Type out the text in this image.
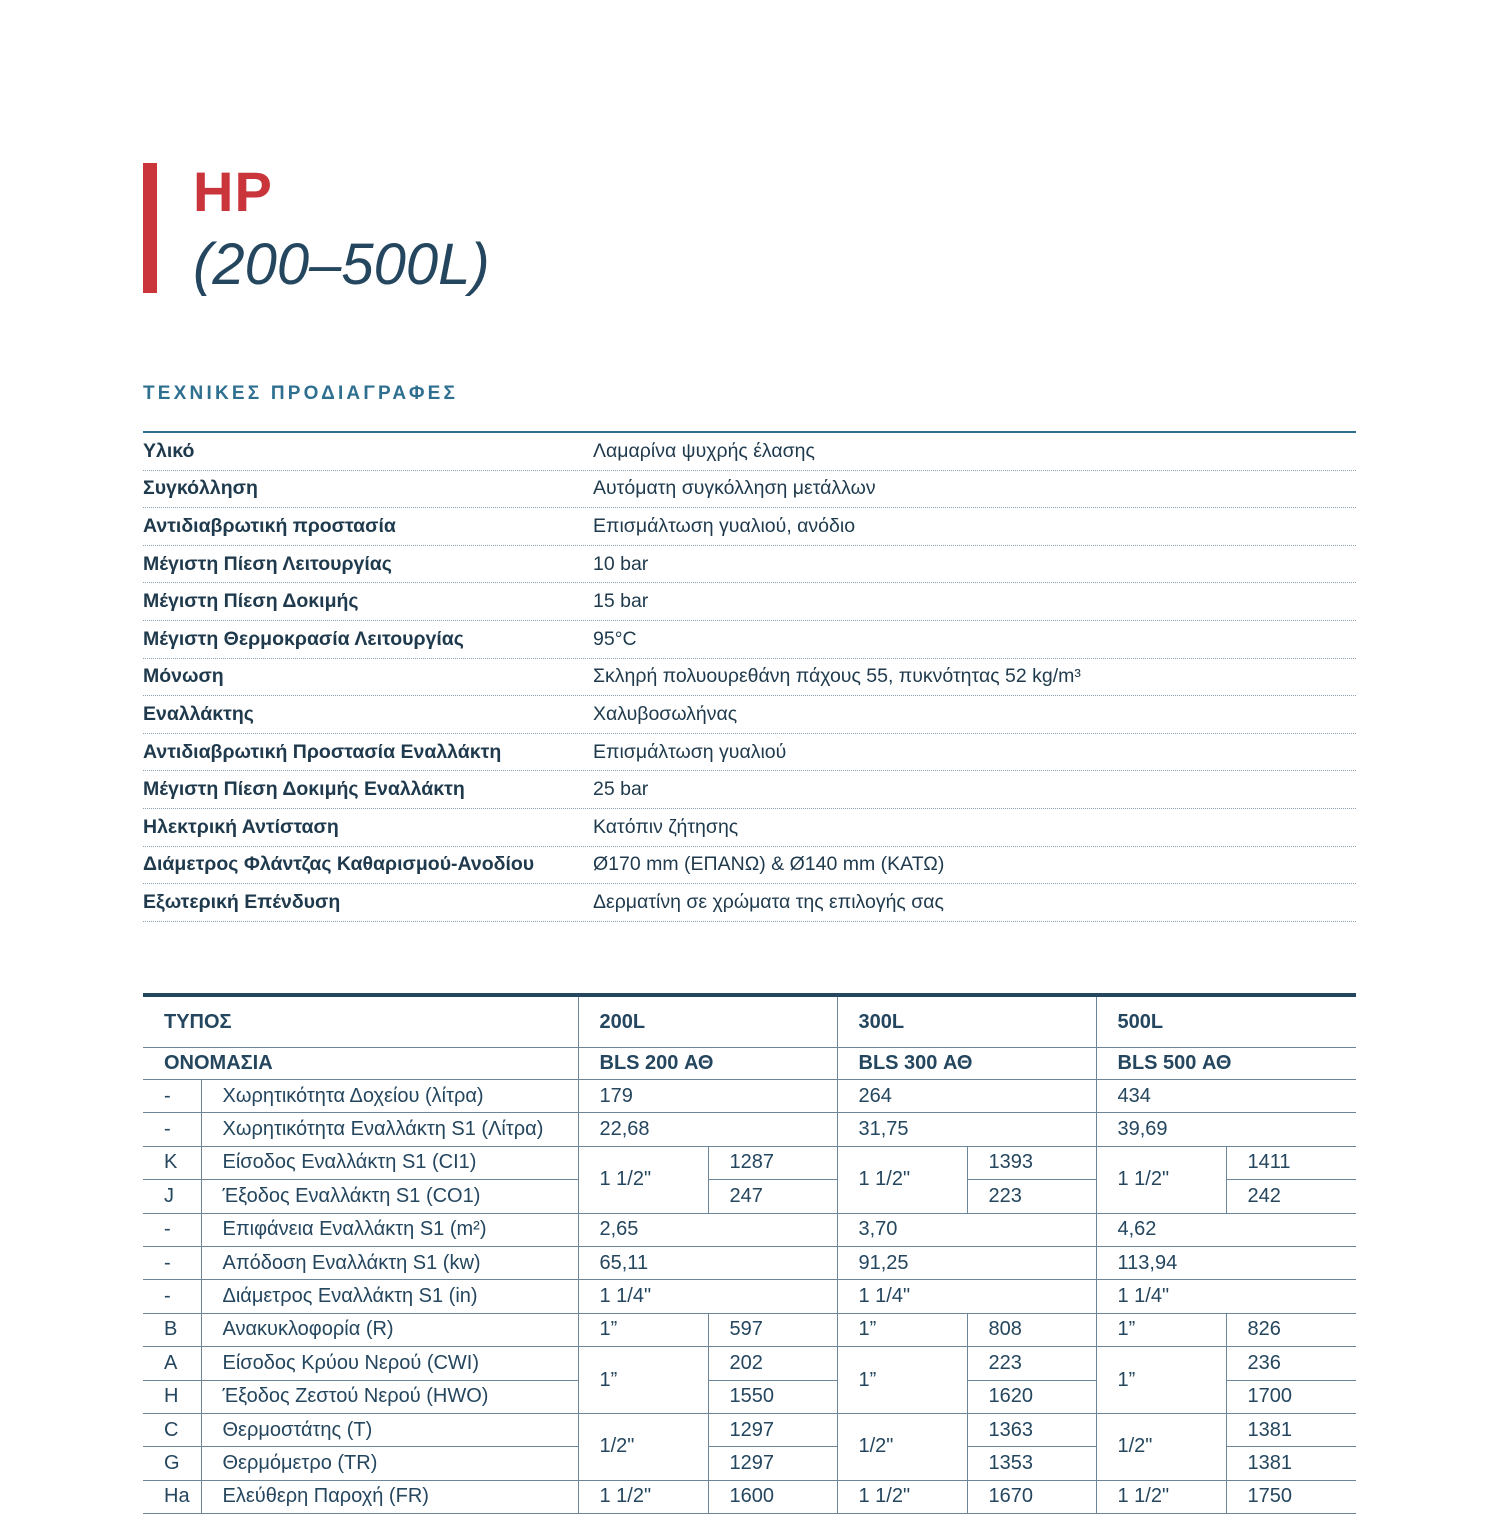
HP
(200–500L)
ΤΕΧΝΙΚΕΣ ΠΡΟΔΙΑΓΡΑΦΕΣ
Υλικό	Λαμαρίνα ψυχρής έλασης
Συγκόλληση	Αυτόματη συγκόλληση μετάλλων
Αντιδιαβρωτική προστασία	Επισμάλτωση γυαλιού, ανόδιο
Μέγιστη Πίεση Λειτουργίας	10 bar
Μέγιστη Πίεση Δοκιμής	15 bar
Μέγιστη Θερμοκρασία Λειτουργίας	95°C
Μόνωση	Σκληρή πολυουρεθάνη πάχους 55, πυκνότητας 52 kg/m³
Εναλλάκτης	Χαλυβοσωλήνας
Αντιδιαβρωτική Προστασία Εναλλάκτη	Επισμάλτωση γυαλιού
Μέγιστη Πίεση Δοκιμής Εναλλάκτη	25 bar
Ηλεκτρική Αντίσταση	Κατόπιν ζήτησης
Διάμετρος Φλάντζας Καθαρισμού-Ανοδίου	Ø170 mm (ΕΠΑΝΩ) & Ø140 mm (ΚΑΤΩ)
Εξωτερική Επένδυση	Δερματίνη σε χρώματα της επιλογής σας
ΤΥΠΟΣ		200L		300L		500L	
ΟΝΟΜΑΣΙΑ		BLS 200 ΑΘ		BLS 300 ΑΘ		BLS 500 ΑΘ	
-	Χωρητικότητα Δοχείου (λίτρα)	179		264		434	
-	Χωρητικότητα Εναλλάκτη S1 (Λίτρα)	22,68		31,75		39,69	
K	Είσοδος Εναλλάκτη S1 (CI1)	1 1/2"	1287	1 1/2"	1393	1 1/2"	1411
J	Έξοδος Εναλλάκτη S1 (CO1)		247		223		242
-	Επιφάνεια Εναλλάκτη S1 (m²)	2,65		3,70		4,62	
-	Απόδοση Εναλλάκτη S1 (kw)	65,11		91,25		113,94	
-	Διάμετρος Εναλλάκτη S1 (in)	1 1/4"		1 1/4"		1 1/4"	
B	Ανακυκλοφορία (R)	1”	597	1”	808	1”	826
A	Είσοδος Κρύου Νερού (CWI)	1”	202	1”	223	1”	236
H	Έξοδος Ζεστού Νερού (HWO)		1550		1620		1700
C	Θερμοστάτης (T)	1/2"	1297	1/2"	1363	1/2"	1381
G	Θερμόμετρο (TR)		1297		1353		1381
Ha	Ελεύθερη Παροχή (FR)	1 1/2"	1600	1 1/2"	1670	1 1/2"	1750
